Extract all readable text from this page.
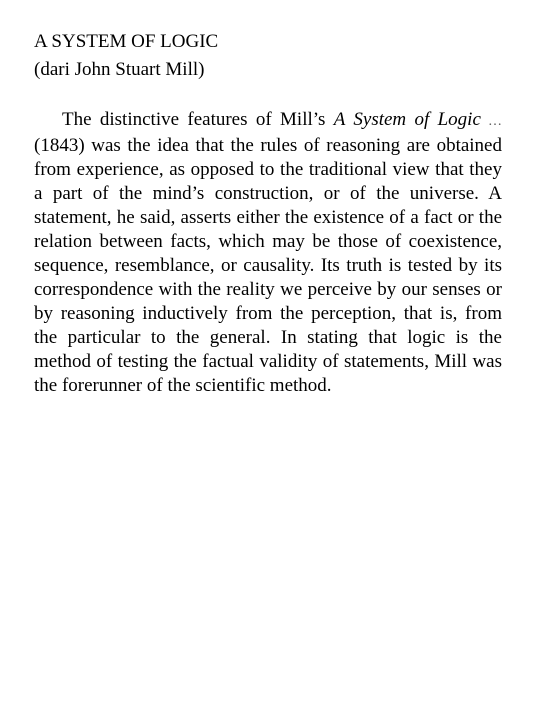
A SYSTEM OF LOGIC

(dari John Stuart Mill)

The distinctive features of Mill’s A System of Logic … (1843) was the idea that the rules of reasoning are obtained from experience, as opposed to the traditional view that they a part of the mind’s construction, or of the universe. A statement, he said, asserts either the existence of a fact or the relation between facts, which may be those of coexistence, sequence, resemblance, or causality. Its truth is tested by its correspondence with the reality we perceive by our senses or by reasoning inductively from the perception, that is, from the particular to the general. In stating that logic is the method of testing the factual validity of statements, Mill was the forerunner of the scientific method.
